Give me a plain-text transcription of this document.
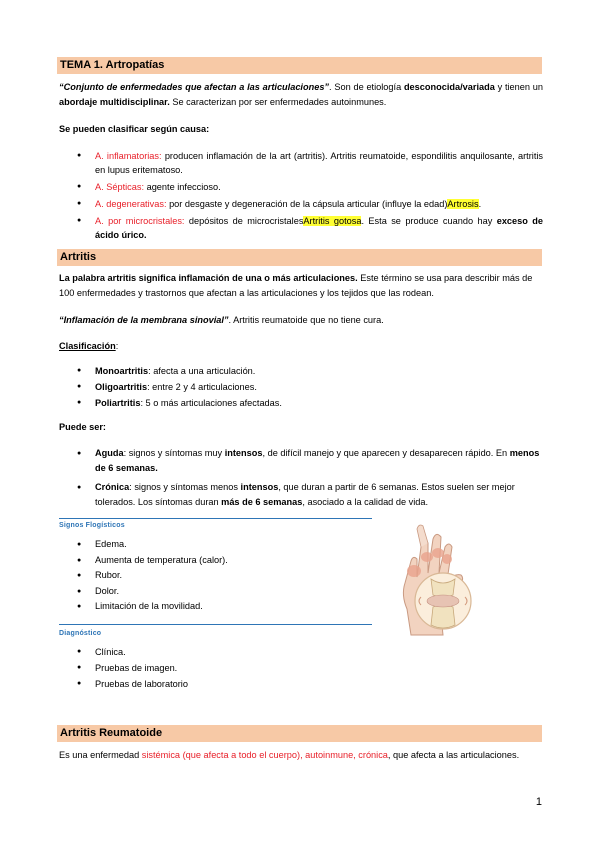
TEMA 1. Artropatías
“Conjunto de enfermedades que afectan a las articulaciones”. Son de etiología desconocida/variada y tienen un abordaje multidisciplinar. Se caracterizan por ser enfermedades autoinmunes.
Se pueden clasificar según causa:
● A. inflamatorias: producen inflamación de la art (artritis). Artritis reumatoide, espondilitis anquilosante, artritis en lupus eritematoso.
● A. Sépticas: agente infeccioso.
● A. degenerativas: por desgaste y degeneración de la cápsula articular (influye la edad)Artrosis.
● A. por microcristales: depósitos de microcristalesArtritis gotosa. Esta se produce cuando hay exceso de ácido úrico.
Artritis
La palabra artritis significa inflamación de una o más articulaciones. Este término se usa para describir más de 100 enfermedades y trastornos que afectan a las articulaciones y los tejidos que las rodean.
“Inflamación de la membrana sinovial”. Artritis reumatoide que no tiene cura.
Clasificación:
● Monoartritis: afecta a una articulación.
● Oligoartritis: entre 2 y 4 articulaciones.
● Poliartritis: 5 o más articulaciones afectadas.
Puede ser:
● Aguda: signos y síntomas muy intensos, de difícil manejo y que aparecen y desaparecen rápido. En menos de 6 semanas.
● Crónica: signos y síntomas menos intensos, que duran a partir de 6 semanas. Estos suelen ser mejor tolerados. Los síntomas duran más de 6 semanas, asociado a la calidad de vida.
Signos Flogísticos
● Edema.
● Aumenta de temperatura (calor).
● Rubor.
● Dolor.
● Limitación de la movilidad.
Diagnóstico
● Clínica.
● Pruebas de imagen.
● Pruebas de laboratorio
Artritis Reumatoide
Es una enfermedad sistémica (que afecta a todo el cuerpo), autoinmune, crónica, que afecta a las articulaciones.
1
